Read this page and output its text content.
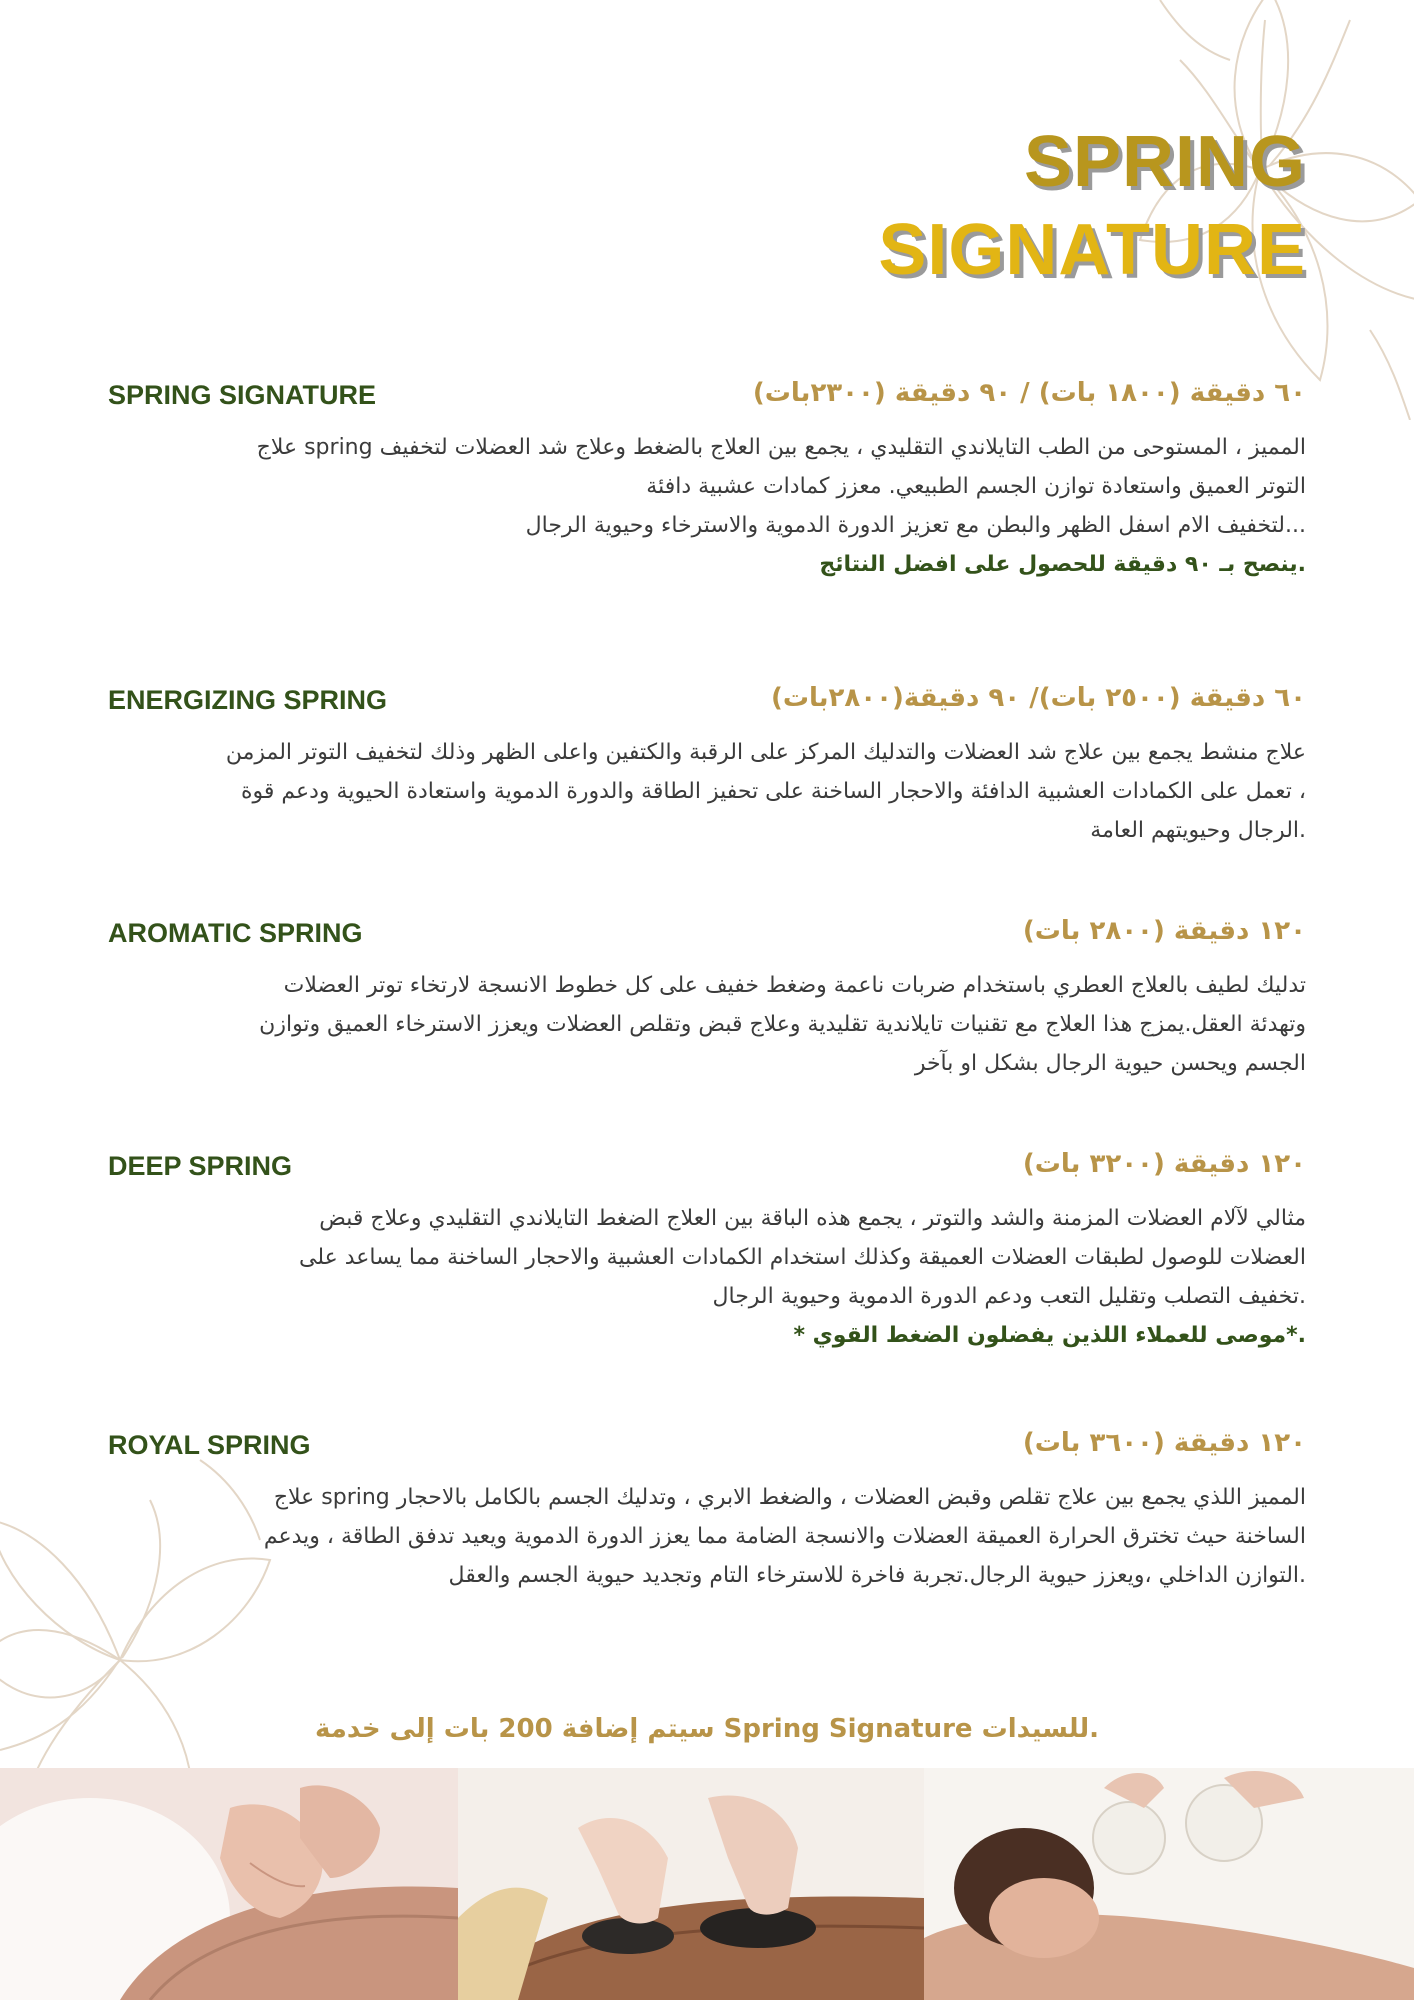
SPRING
SIGNATURE
SPRING SIGNATURE	٦٠ دقيقة (١٨٠٠ بات) / ٩٠ دقيقة (٢٣٠٠بات)
المميز ، المستوحى من الطب التايلاندي التقليدي ، يجمع بين العلاج بالضغط وعلاج شد العضلات لتخفيف spring علاج
التوتر العميق واستعادة توازن الجسم الطبيعي. معزز كمادات عشبية دافئة
...لتخفيف الام اسفل الظهر والبطن مع تعزيز الدورة الدموية والاسترخاء وحيوية الرجال
.ينصح بـ ٩٠ دقيقة للحصول على افضل النتائج
ENERGIZING SPRING	٦٠ دقيقة (٢٥٠٠ بات)/ ٩٠ دقيقة(٢٨٠٠بات)
علاج منشط يجمع بين علاج شد العضلات والتدليك المركز على الرقبة والكتفين واعلى الظهر وذلك لتخفيف التوتر المزمن
، تعمل على الكمادات العشبية الدافئة والاحجار الساخنة على تحفيز الطاقة والدورة الدموية واستعادة الحيوية ودعم قوة
.الرجال وحيويتهم العامة
AROMATIC SPRING	١٢٠ دقيقة (٢٨٠٠ بات)
تدليك لطيف بالعلاج العطري باستخدام ضربات ناعمة وضغط خفيف على كل خطوط الانسجة لارتخاء توتر العضلات
وتهدئة العقل.يمزج هذا العلاج مع تقنيات تايلاندية تقليدية وعلاج قبض وتقلص العضلات ويعزز الاسترخاء العميق وتوازن
الجسم ويحسن حيوية الرجال بشكل او بآخر
DEEP SPRING	١٢٠ دقيقة (٣٢٠٠ بات)
مثالي لآلام العضلات المزمنة والشد والتوتر ، يجمع هذه الباقة بين العلاج الضغط التايلاندي التقليدي وعلاج قبض
العضلات للوصول لطبقات العضلات العميقة وكذلك استخدام الكمادات العشبية والاحجار الساخنة مما يساعد على
.تخفيف التصلب وتقليل التعب ودعم الدورة الدموية وحيوية الرجال
.*موصى للعملاء اللذين يفضلون الضغط القوي *
ROYAL SPRING	١٢٠ دقيقة (٣٦٠٠ بات)
المميز اللذي يجمع بين علاج تقلص وقبض العضلات ، والضغط الابري ، وتدليك الجسم بالكامل بالاحجار spring علاج
الساخنة حيث تخترق الحرارة العميقة العضلات والانسجة الضامة مما يعزز الدورة الدموية ويعيد تدفق الطاقة ، ويدعم
.التوازن الداخلي ،ويعزز حيوية الرجال.تجربة فاخرة للاسترخاء التام وتجديد حيوية الجسم والعقل
.للسيدات Spring Signature سيتم إضافة 200 بات إلى خدمة
